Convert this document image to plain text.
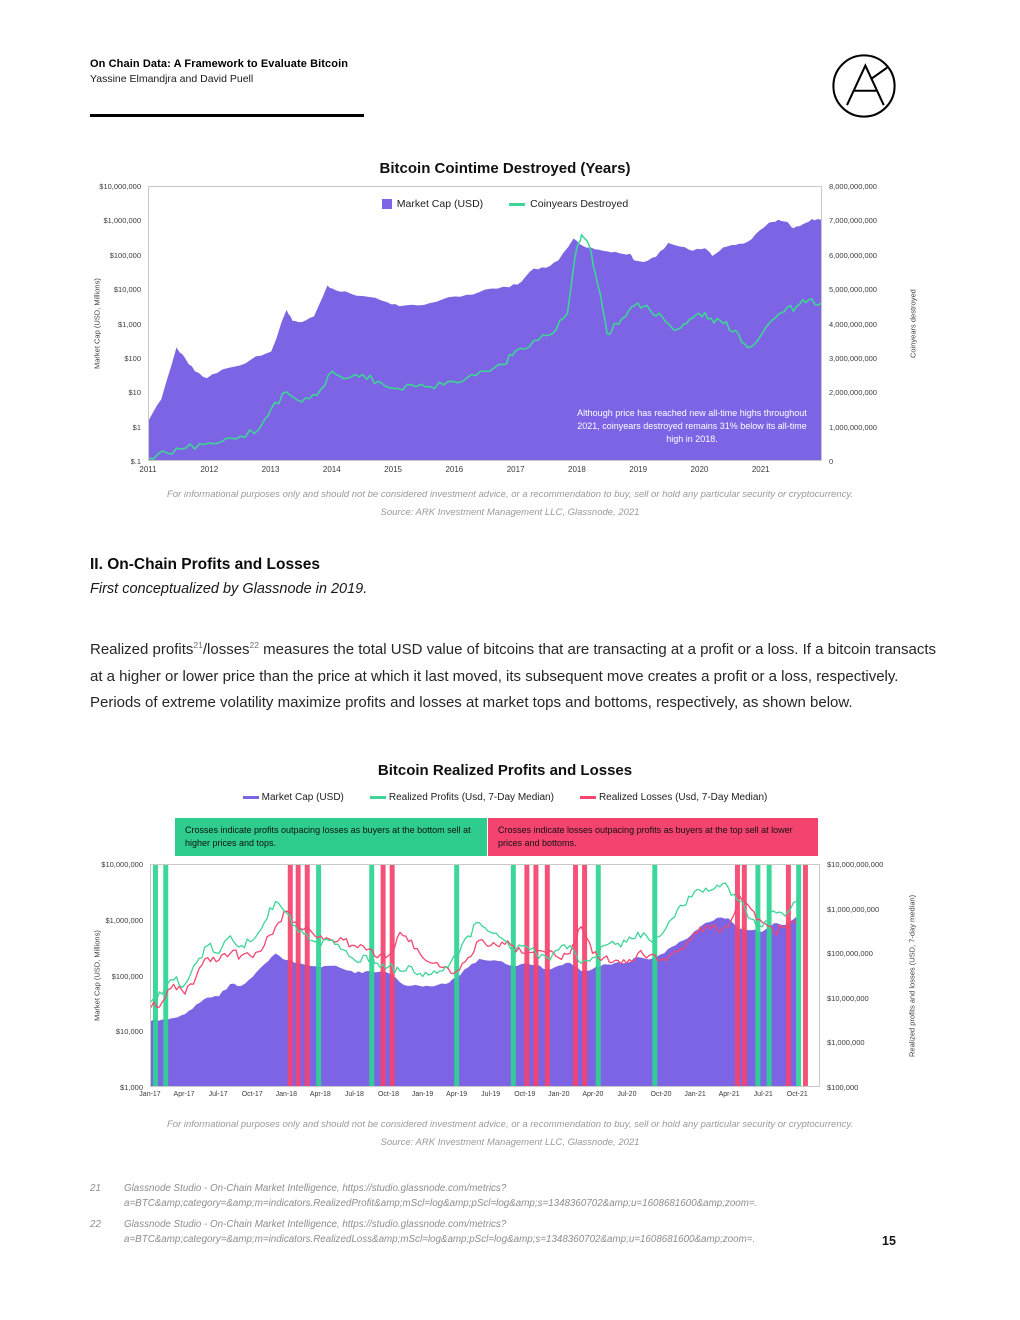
On Chain Data: A Framework to Evaluate Bitcoin
Yassine Elmandjra and David Puell
Bitcoin Cointime Destroyed (Years)
Market Cap (USD)	Coinyears Destroyed
Market Cap (USD, Millions)	Coinyears destroyed
$10,000,000
$1,000,000
$100,000
$10,000
$1,000
$100
$10
$1
$.1
8,000,000,000
7,000,000,000
6,000,000,000
5,000,000,000
4,000,000,000
3,000,000,000
2,000,000,000
1,000,000,000
0
Although price has reached new all-time highs throughout 2021, coinyears destroyed remains 31% below its all-time high in 2018.
2011	2012	2013	2014	2015	2016	2017	2018	2019	2020	2021
For informational purposes only and should not be considered investment advice, or a recommendation to buy, sell or hold any particular security or cryptocurrency.
Source: ARK Investment Management LLC, Glassnode, 2021
II. On-Chain Profits and Losses
First conceptualized by Glassnode in 2019.

Realized profits$^{21}$/losses$^{22}$ measures the total USD value of bitcoins that are transacting at a profit or a loss. If a bitcoin transacts at a higher or lower price than the price at which it last moved, its subsequent move creates a profit or a loss, respectively. Periods of extreme volatility maximize profits and losses at market tops and bottoms, respectively, as shown below.

Bitcoin Realized Profits and Losses
Market Cap (USD)	Realized Profits (Usd, 7-Day Median)	Realized Losses (Usd, 7-Day Median)
Crosses indicate profits outpacing losses as buyers at the bottom sell at higher prices and tops.
Crosses indicate losses outpacing profits as buyers at the top sell at lower prices and bottoms.
Market Cap (USD, Millions)	Realized profits and losses (USD, 7-day median)
$10,000,000
$1,000,000
$100,000
$10,000
$1,000
$10,000,000,000
$1,000,000,000
$100,000,000
$10,000,000
$1,000,000
$100,000
Jan-17	Apr-17	Jul-17	Oct-17	Jan-18	Apr-18	Jul-18	Oct-18	Jan-19	Apr-19	Jul-19	Oct-19	Jan-20	Apr-20	Jul-20	Oct-20	Jan-21	Apr-21	Jul-21	Oct-21
For informational purposes only and should not be considered investment advice, or a recommendation to buy, sell or hold any particular security or cryptocurrency.
Source: ARK Investment Management LLC, Glassnode, 2021
21	Glassnode Studio - On-Chain Market Intelligence, https://studio.glassnode.com/metrics?a=BTC&amp;category=&amp;m=indicators.RealizedProfit&amp;mScl=log&amp;pScl=log&amp;s=1348360702&amp;u=1608681600&amp;zoom=.
22	Glassnode Studio - On-Chain Market Intelligence, https://studio.glassnode.com/metrics?a=BTC&amp;category=&amp;m=indicators.RealizedLoss&amp;mScl=log&amp;pScl=log&amp;s=1348360702&amp;u=1608681600&amp;zoom=.	15
